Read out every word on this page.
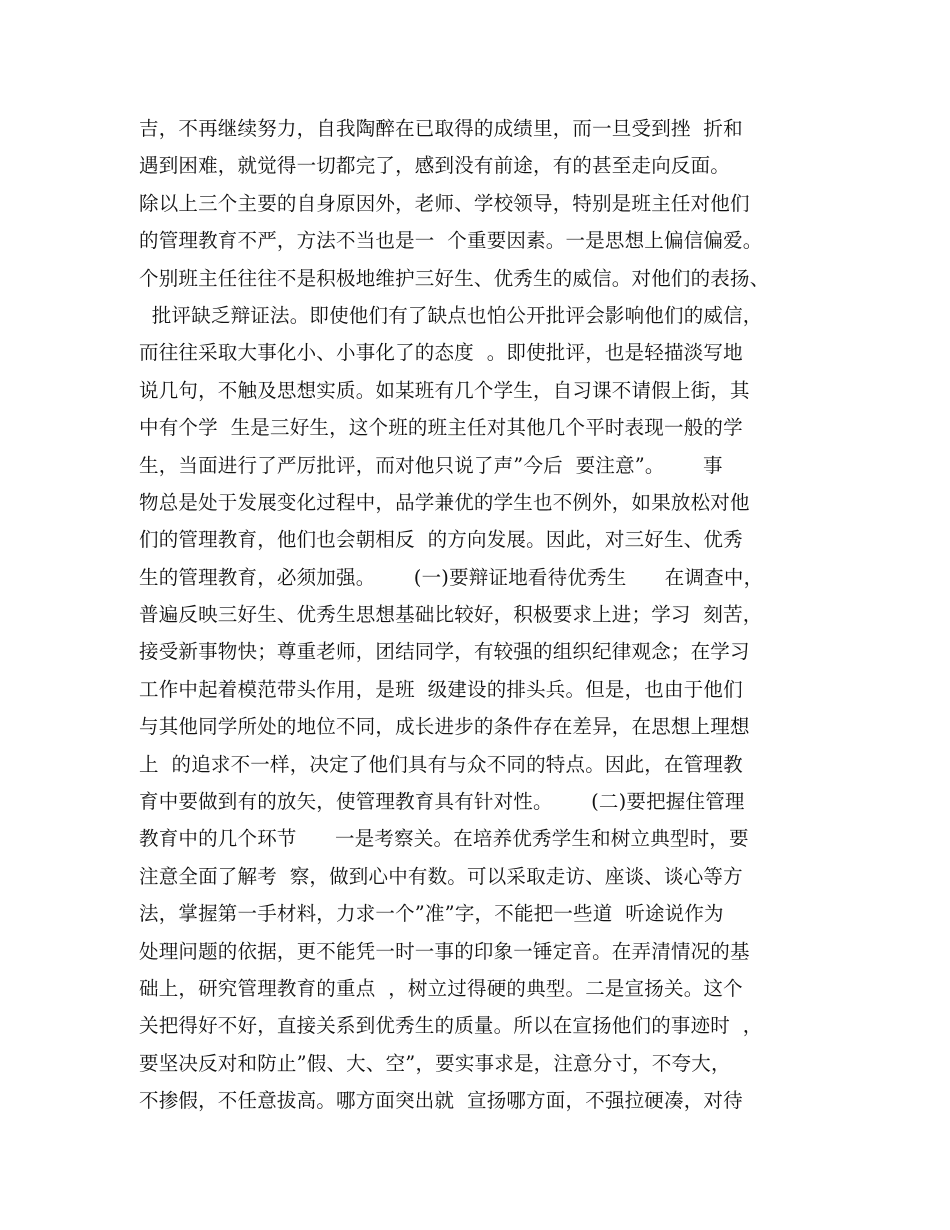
吉，不再继续努力，自我陶醉在已取得的成绩里，而一旦受到挫  折和
遇到困难，就觉得一切都完了，感到没有前途，有的甚至走向反面。
除以上三个主要的自身原因外，老师、学校领导，特别是班主任对他们
的管理教育不严，方法不当也是一  个重要因素。一是思想上偏信偏爱。
个别班主任往往不是积极地维护三好生、优秀生的威信。对他们的表扬、
批评缺乏辩证法。即使他们有了缺点也怕公开批评会影响他们的威信，
而往往采取大事化小、小事化了的态度  。即使批评，也是轻描淡写地
说几句，不触及思想实质。如某班有几个学生，自习课不请假上街，其
中有个学  生是三好生，这个班的班主任对其他几个平时表现一般的学
生，当面进行了严厉批评，而对他只说了声”今后  要注意”。      事
物总是处于发展变化过程中，品学兼优的学生也不例外，如果放松对他
们的管理教育，他们也会朝相反  的方向发展。因此，对三好生、优秀
生的管理教育，必须加强。      (一)要辩证地看待优秀生      在调查中，
普遍反映三好生、优秀生思想基础比较好，积极要求上进；学习  刻苦，
接受新事物快；尊重老师，团结同学，有较强的组织纪律观念；在学习
工作中起着模范带头作用，是班  级建设的排头兵。但是，也由于他们
与其他同学所处的地位不同，成长进步的条件存在差异，在思想上理想
上  的追求不一样，决定了他们具有与众不同的特点。因此，在管理教
育中要做到有的放矢，使管理教育具有针对性。      (二)要把握住管理
教育中的几个环节      一是考察关。在培养优秀学生和树立典型时，要
注意全面了解考  察，做到心中有数。可以采取走访、座谈、谈心等方
法，掌握第一手材料，力求一个”准”字，不能把一些道  听途说作为
处理问题的依据，更不能凭一时一事的印象一锤定音。在弄清情况的基
础上，研究管理教育的重点  ，树立过得硬的典型。二是宣扬关。这个
关把得好不好，直接关系到优秀生的质量。所以在宣扬他们的事迹时  ，
要坚决反对和防止”假、大、空”，要实事求是，注意分寸，不夸大，
不掺假，不任意拔高。哪方面突出就  宣扬哪方面，不强拉硬凑，对待
